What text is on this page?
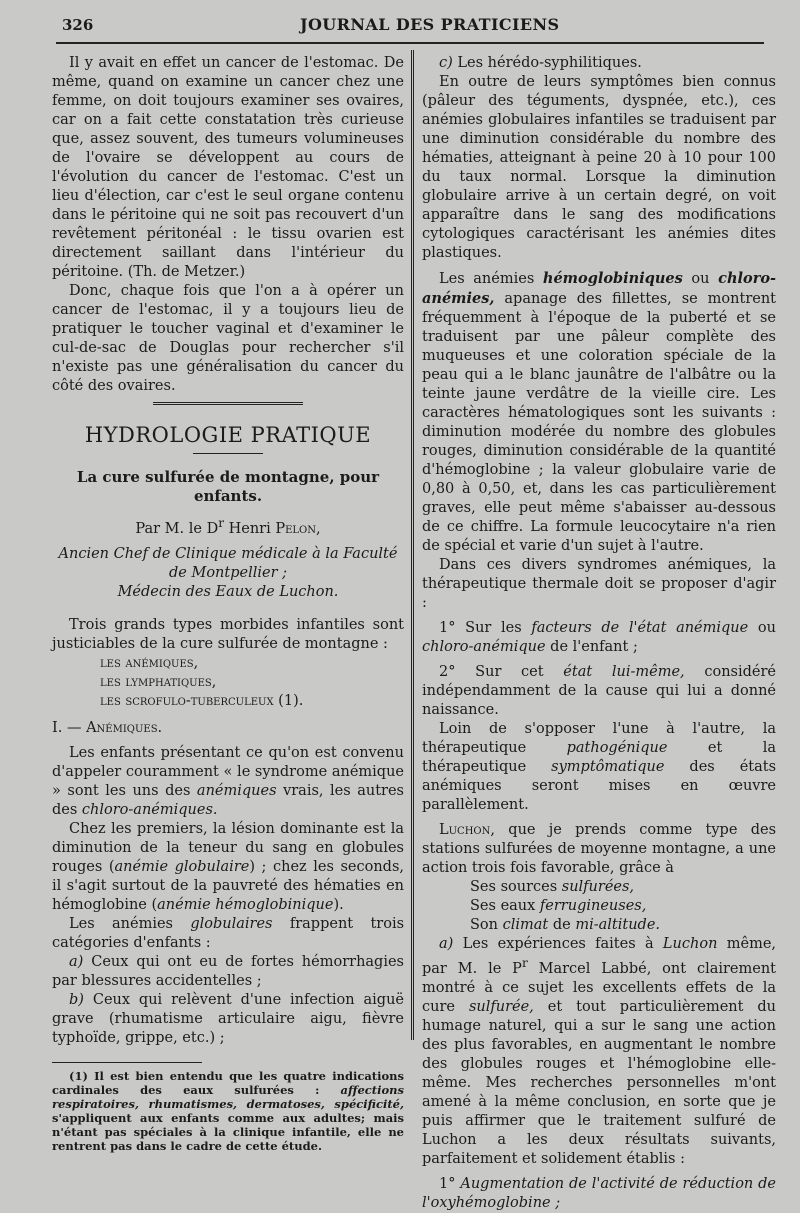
326	JOURNAL DES PRATICIENS

Il y avait en effet un cancer de l'estomac. De même, quand on examine un cancer chez une femme, on doit toujours examiner ses ovaires, car on a fait cette constatation très curieuse que, assez souvent, des tumeurs volumineuses de l'ovaire se développent au cours de l'évolution du cancer de l'estomac. C'est un lieu d'élection, car c'est le seul organe contenu dans le péritoine qui ne soit pas recouvert d'un revêtement péritonéal : le tissu ovarien est directement saillant dans l'intérieur du péritoine. (Th. de Metzer.)

Donc, chaque fois que l'on a à opérer un cancer de l'estomac, il y a toujours lieu de pratiquer le toucher vaginal et d'examiner le cul-de-sac de Douglas pour rechercher s'il n'existe pas une généralisation du cancer du côté des ovaires.

HYDROLOGIE PRATIQUE

La cure sulfurée de montagne, pour enfants.

Par M. le $D^r$ Henri Pelon,

Ancien Chef de Clinique médicale à la Faculté de Montpellier ;

Médecin des Eaux de Luchon.

Trois grands types morbides infantiles sont justiciables de la cure sulfurée de montagne :

les anémiques,

les lymphatiques,

les scrofulo-tuberculeux (1).

I. — Anémiques.

Les enfants présentant ce qu'on est convenu d'appeler couramment « le syndrome anémique » sont les uns des anémiques vrais, les autres des chloro-anémiques.

Chez les premiers, la lésion dominante est la diminution de la teneur du sang en globules rouges (anémie globulaire) ; chez les seconds, il s'agit surtout de la pauvreté des hématies en hémoglobine (anémie hémoglobinique).

Les anémies globulaires frappent trois catégories d'enfants :

a) Ceux qui ont eu de fortes hémorrhagies par blessures accidentelles ;

b) Ceux qui relèvent d'une infection aiguë grave (rhumatisme articulaire aigu, fièvre typhoïde, grippe, etc.) ;

(1) Il est bien entendu que les quatre indications cardinales des eaux sulfurées : affections respiratoires, rhumatismes, dermatoses, spécificité, s'appliquent aux enfants comme aux adultes; mais n'étant pas spéciales à la clinique infantile, elle ne rentrent pas dans le cadre de cette étude.

c) Les hérédo-syphilitiques.

En outre de leurs symptômes bien connus (pâleur des téguments, dyspnée, etc.), ces anémies globulaires infantiles se traduisent par une diminution considérable du nombre des hématies, atteignant à peine 20 à 10 pour 100 du taux normal. Lorsque la diminution globulaire arrive à un certain degré, on voit apparaître dans le sang des modifications cytologiques caractérisant les anémies dites plastiques.

Les anémies hémoglobiniques ou chloro-anémies, apanage des fillettes, se montrent fréquemment à l'époque de la puberté et se traduisent par une pâleur complète des muqueuses et une coloration spéciale de la peau qui a le blanc jaunâtre de l'albâtre ou la teinte jaune verdâtre de la vieille cire. Les caractères hématologiques sont les suivants : diminution modérée du nombre des globules rouges, diminution considérable de la quantité d'hémoglobine ; la valeur globulaire varie de 0,80 à 0,50, et, dans les cas particulièrement graves, elle peut même s'abaisser au-dessous de ce chiffre. La formule leucocytaire n'a rien de spécial et varie d'un sujet à l'autre.

Dans ces divers syndromes anémiques, la thérapeutique thermale doit se proposer d'agir :

1° Sur les facteurs de l'état anémique ou chloro-anémique de l'enfant ;

2° Sur cet état lui-même, considéré indépendamment de la cause qui lui a donné naissance.

Loin de s'opposer l'une à l'autre, la thérapeutique	pathogénique	et la thérapeutique symptômatique des états anémiques seront mises en œuvre parallèlement.

Luchon, que je prends comme type des stations sulfurées de moyenne montagne, a une action trois fois favorable, grâce à

Ses sources sulfurées,

Ses eaux ferrugineuses,

Son climat de mi-altitude.

a) Les expériences faites à Luchon même, par M. le $P^r$ Marcel Labbé, ont clairement montré à ce sujet les excellents effets de la cure sulfurée, et tout particulièrement du humage naturel, qui a sur le sang une action des plus favorables, en augmentant le nombre des globules rouges et l'hémoglobine elle-même. Mes recherches personnelles m'ont amené à la même conclusion, en sorte que je puis affirmer que le traitement sulfuré de Luchon a les deux résultats suivants, parfaitement et solidement établis :

1° Augmentation de l'activité de réduction de l'oxyhémoglobine ;
